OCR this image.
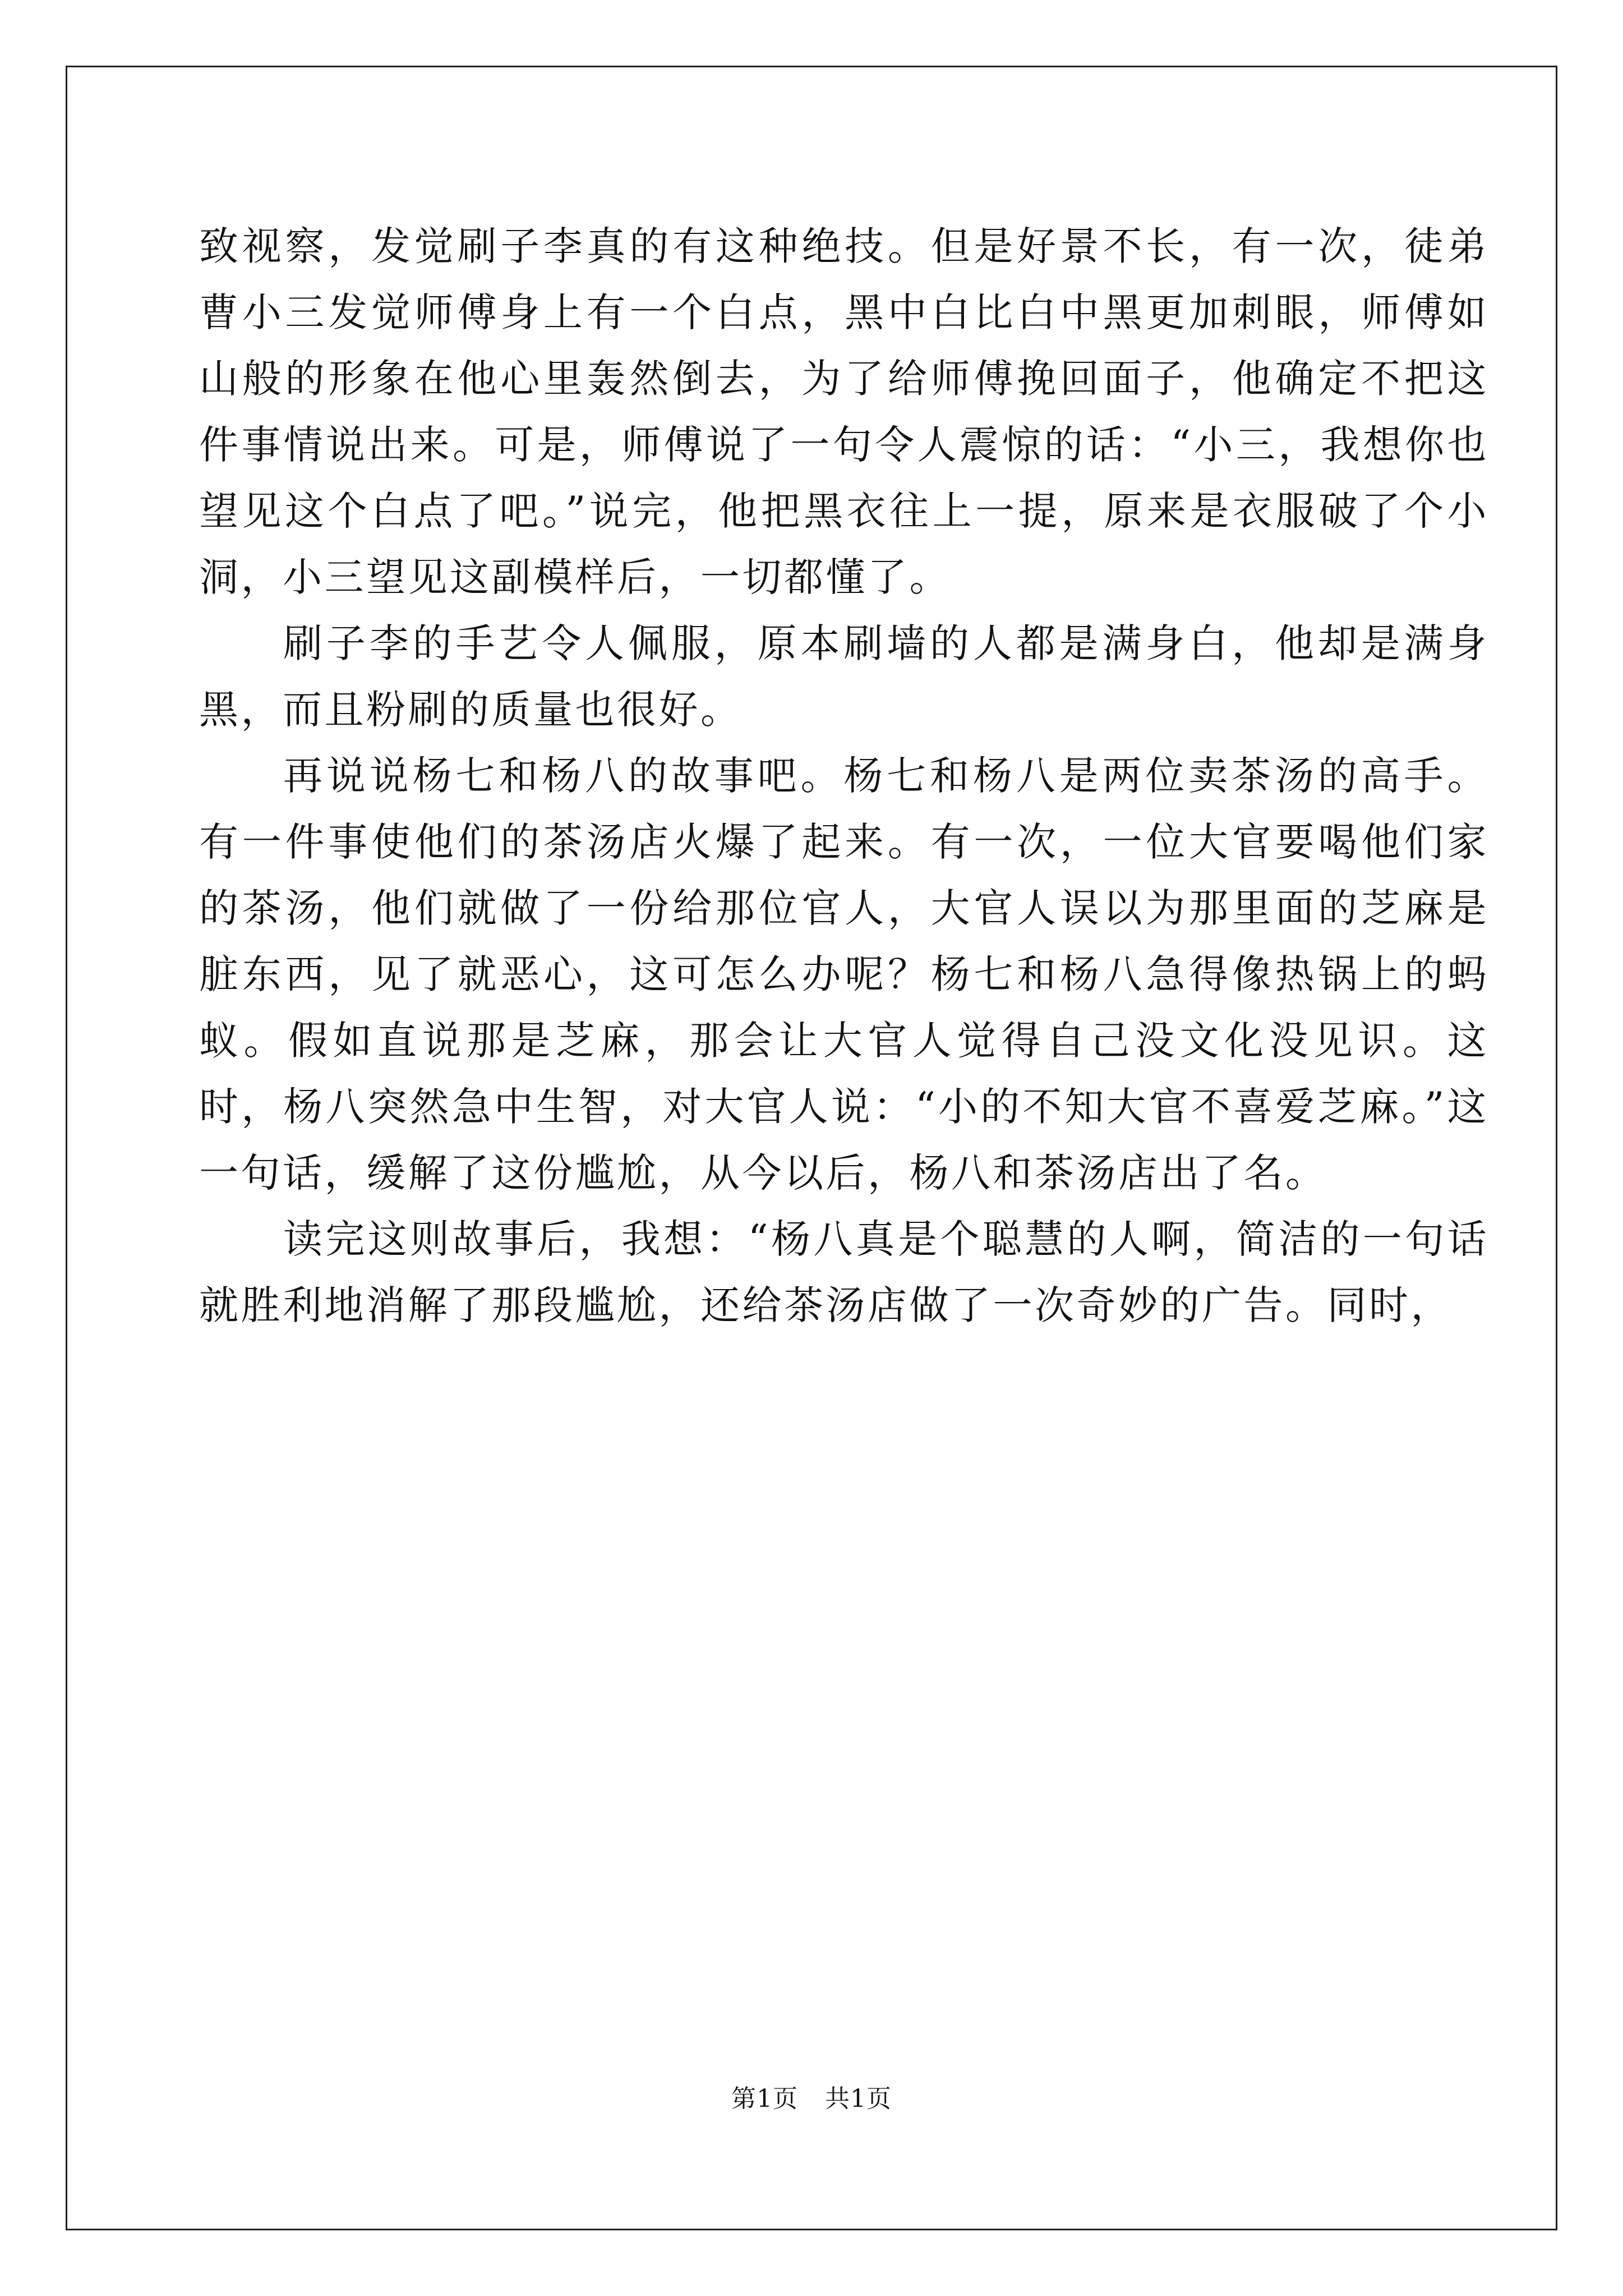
致视察，发觉刷子李真的有这种绝技。但是好景不长，有一次，徒弟曹小三发觉师傅身上有一个白点，黑中白比白中黑更加刺眼，师傅如山般的形象在他心里轰然倒去，为了给师傅挽回面子，他确定不把这件事情说出来。可是，师傅说了一句令人震惊的话：“小三，我想你也望见这个白点了吧。”说完，他把黑衣往上一提，原来是衣服破了个小洞，小三望见这副模样后，一切都懂了。

刷子李的手艺令人佩服，原本刷墙的人都是满身白，他却是满身黑，而且粉刷的质量也很好。

再说说杨七和杨八的故事吧。杨七和杨八是两位卖茶汤的高手。有一件事使他们的茶汤店火爆了起来。有一次，一位大官要喝他们家的茶汤，他们就做了一份给那位官人，大官人误以为那里面的芝麻是脏东西，见了就恶心，这可怎么办呢？杨七和杨八急得像热锅上的蚂蚁。假如直说那是芝麻，那会让大官人觉得自己没文化没见识。这时，杨八突然急中生智，对大官人说：“小的不知大官不喜爱芝麻。”这一句话，缓解了这份尴尬，从今以后，杨八和茶汤店出了名。

读完这则故事后，我想：“杨八真是个聪慧的人啊，简洁的一句话就胜利地消解了那段尴尬，还给茶汤店做了一次奇妙的广告。同时，

第1页 共1页
